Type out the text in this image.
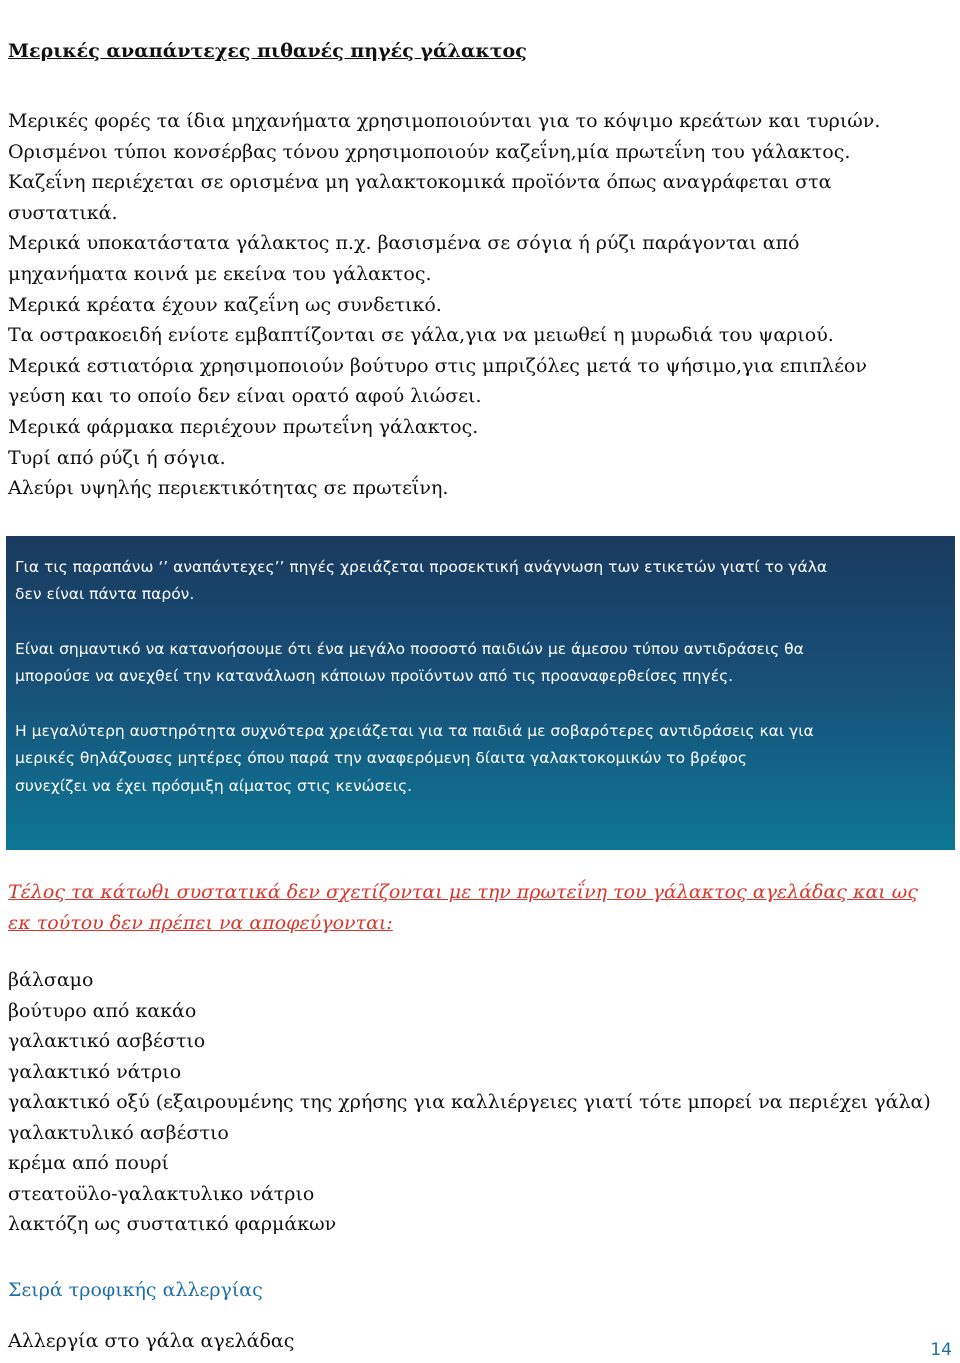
Μερικές αναπάντεχες πιθανές πηγές γάλακτος
Μερικές φορές τα ίδια μηχανήματα χρησιμοποιούνται για το κόψιμο κρεάτων και τυριών.
Ορισμένοι τύποι κονσέρβας τόνου χρησιμοποιούν καζεΐνη,μία πρωτεΐνη του γάλακτος.
Καζεΐνη περιέχεται σε ορισμένα μη γαλακτοκομικά προϊόντα όπως αναγράφεται στα
συστατικά.
Μερικά υποκατάστατα γάλακτος π.χ. βασισμένα σε σόγια ή ρύζι παράγονται από
μηχανήματα κοινά με εκείνα του γάλακτος.
Μερικά κρέατα έχουν καζεΐνη ως συνδετικό.
Τα οστρακοειδή ενίοτε εμβαπτίζονται σε γάλα,για να μειωθεί η μυρωδιά του ψαριού.
Μερικά εστιατόρια χρησιμοποιούν βούτυρο στις μπριζόλες μετά το ψήσιμο,για επιπλέον
γεύση και το οποίο δεν είναι ορατό αφού λιώσει.
Μερικά φάρμακα περιέχουν πρωτεΐνη γάλακτος.
Τυρί από ρύζι ή σόγια.
Αλεύρι υψηλής περιεκτικότητας σε πρωτεΐνη.

Για τις παραπάνω ‘’ αναπάντεχες’’ πηγές χρειάζεται προσεκτική ανάγνωση των ετικετών γιατί το γάλα
δεν είναι πάντα παρόν.

Είναι σημαντικό να κατανοήσουμε ότι ένα μεγάλο ποσοστό παιδιών με άμεσου τύπου αντιδράσεις θα
μπορούσε να ανεχθεί την κατανάλωση κάποιων προϊόντων από τις προαναφερθείσες πηγές.

Η μεγαλύτερη αυστηρότητα συχνότερα χρειάζεται για τα παιδιά με σοβαρότερες αντιδράσεις και για
μερικές θηλάζουσες μητέρες όπου παρά την αναφερόμενη δίαιτα γαλακτοκομικών το βρέφος
συνεχίζει να έχει πρόσμιξη αίματος στις κενώσεις.

Τέλος τα κάτωθι συστατικά δεν σχετίζονται με την πρωτεΐνη του γάλακτος αγελάδας και ως
εκ τούτου δεν πρέπει να αποφεύγονται:

βάλσαμο
βούτυρο από κακάο
γαλακτικό ασβέστιο
γαλακτικό νάτριο
γαλακτικό οξύ (εξαιρουμένης της χρήσης για καλλιέργειες γιατί τότε μπορεί να περιέχει γάλα)
γαλακτυλικό ασβέστιο
κρέμα από πουρί
στεατοϋλο-γαλακτυλικο νάτριο
λακτόζη ως συστατικό φαρμάκων

Σειρά τροφικής αλλεργίας

Αλλεργία στο γάλα αγελάδας	14
